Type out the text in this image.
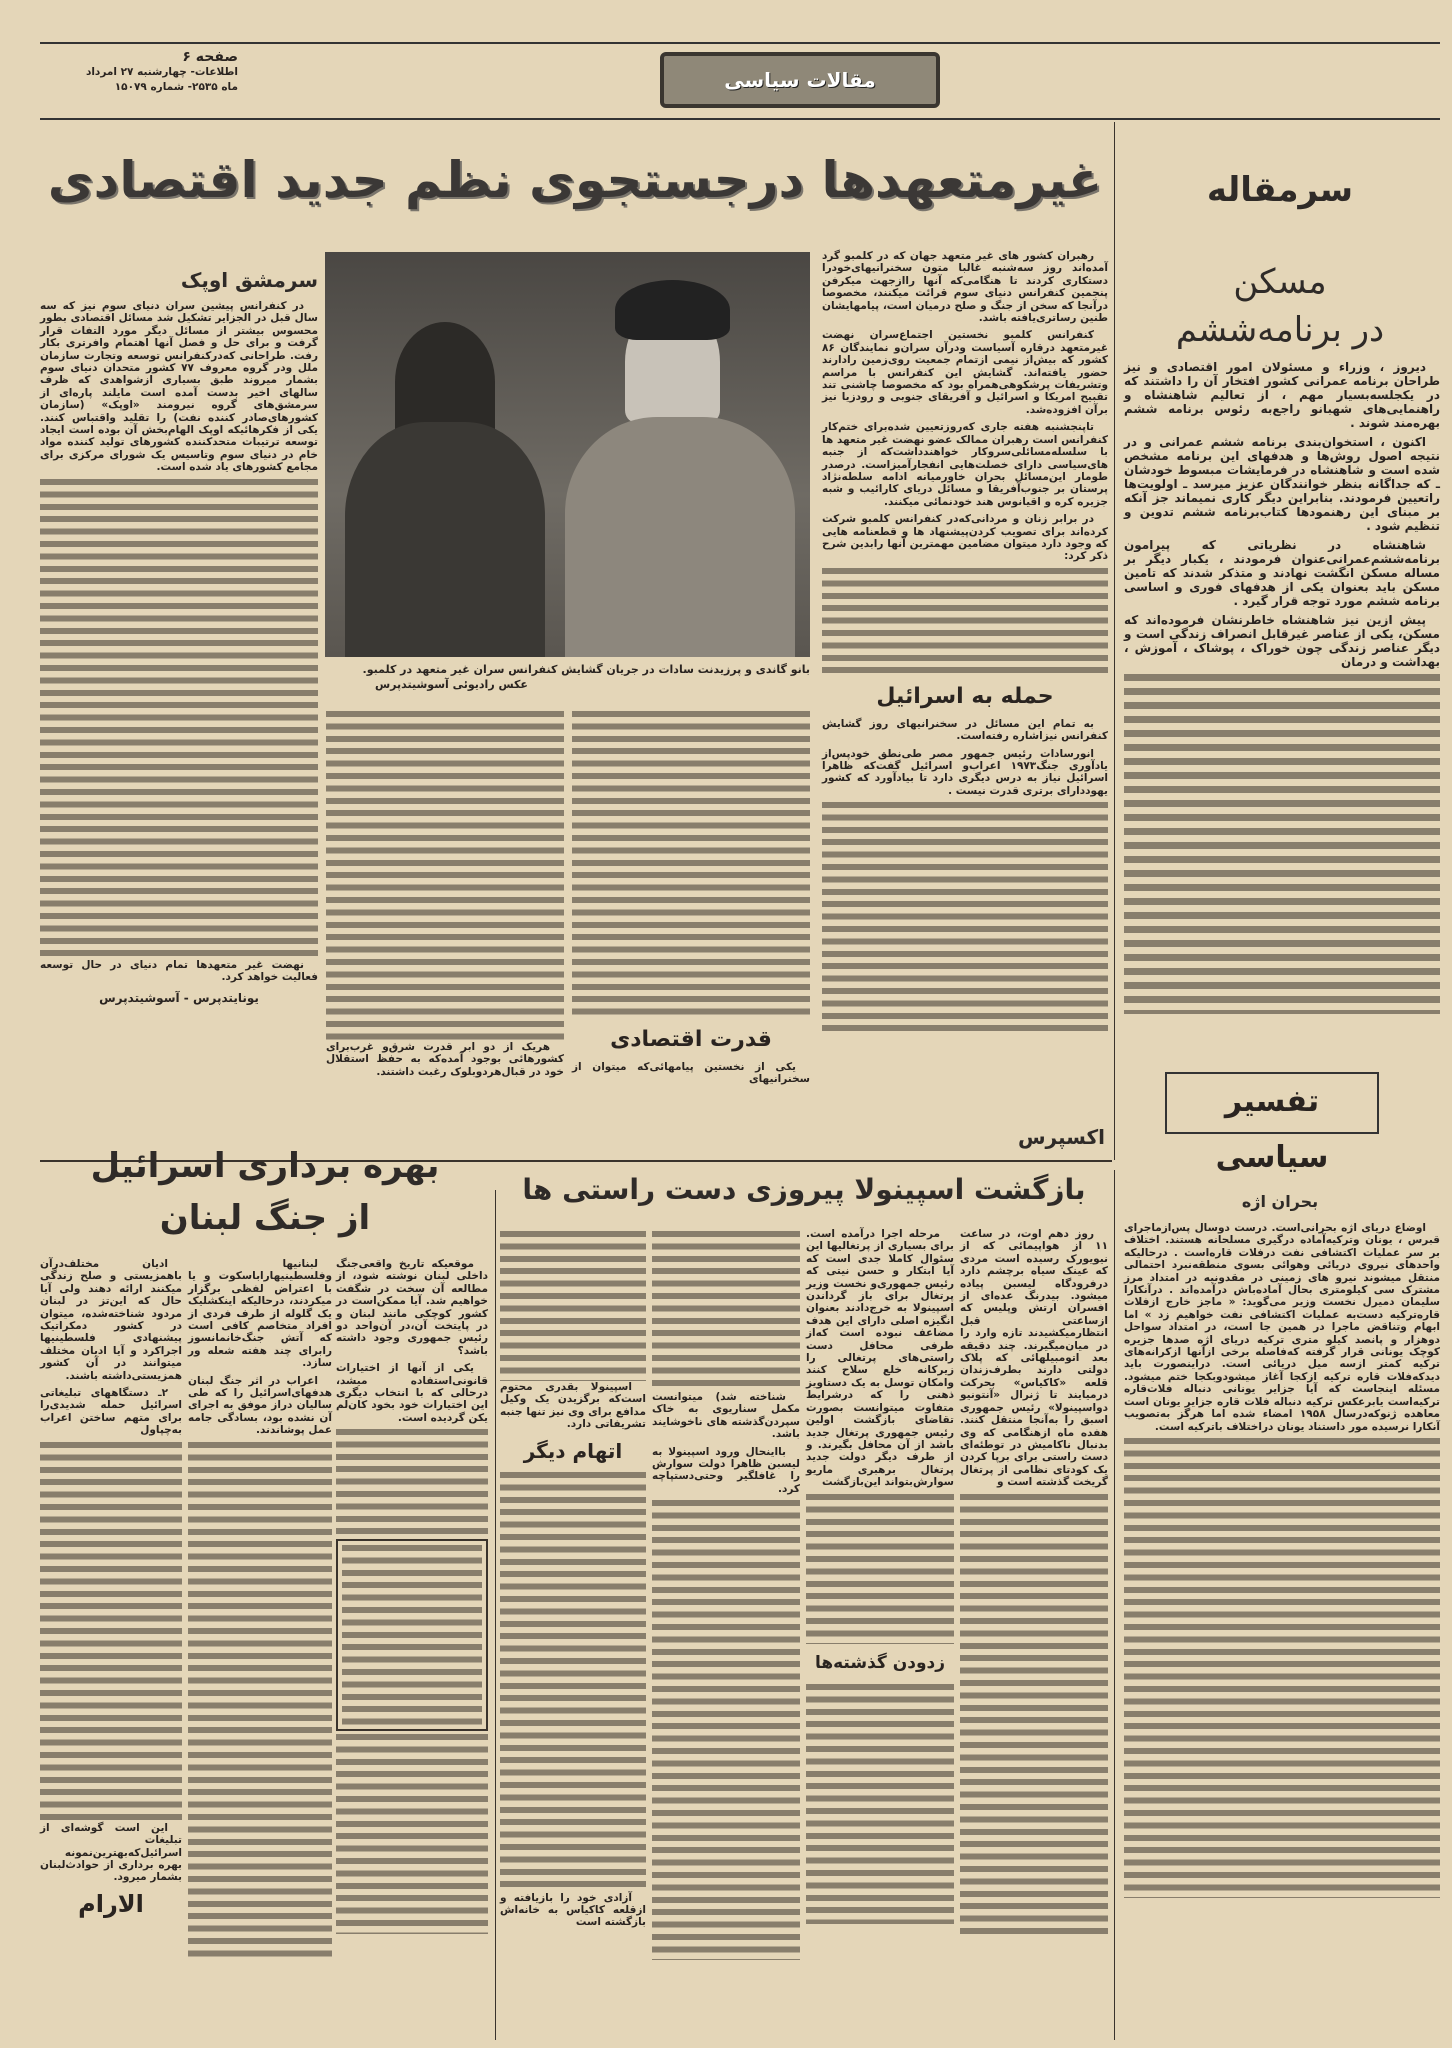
صفحه ۶
اطلاعات- چهارشنبه ۲۷ امرداد
ماه ۲۵۳۵- شماره ۱۵۰۷۹	مقالات سیاسی
غیرمتعهدها درجستجوی نظم جدید اقتصادی	سرمقاله
مسکن
در برنامه‌ششم

دیروز ، وزراء و مسئولان امور اقتصادی و نیز طراحان برنامه عمرانی کشور افتخار آن را داشتند که در یکجلسه‌بسیار مهم ، از تعالیم شاهنشاه و راهنمایی‌های شهبانو راجع‌به رئوس برنامه ششم بهره‌مند شوند .

اکنون ، استخوان‌بندی برنامه ششم عمرانی و در نتیجه اصول روش‌ها و هدفهای این برنامه مشخص شده است و شاهنشاه در فرمایشات مبسوط خودشان ـ که جداگانه بنظر خوانندگان عزیز میرسد ـ اولویت‌ها راتعیین فرمودند. بنابراین دیگر کاری نمیماند جز آنکه بر مبنای این رهنمودها کتاب‌برنامه ششم تدوین و تنظیم شود .

شاهنشاه در نظریاتی که پیرامون برنامه‌ششم‌عمرانی‌عنوان فرمودند ، یکبار دیگر بر مساله مسکن انگشت نهادند و متذکر شدند که تامین مسکن باید بعنوان یکی از هدفهای فوری و اساسی برنامه ششم مورد توجه قرار گیرد .

پیش ازین نیز شاهنشاه خاطرنشان فرموده‌اند که مسکن، یکی از عناصر غیرقابل انصراف زندگی است و دیگر عناصر زندگی چون خوراک ، پوشاک ، آموزش ، بهداشت و درمان

تفسیر سیاسی
بحران اژه

اوضاع دریای اژه بحرانی‌است. درست دوسال پس‌ازماجرای قبرس ، یونان وترکیه‌آماده درگیری مسلحانه هستند. اختلاف بر سر عملیات اکتشافی نفت درفلات قاره‌است . درحالیکه واحدهای نیروی دریائی وهوائی بسوی منطقه‌نبرد احتمالی منتقل میشوند نیرو های زمینی در مقدونیه در امتداد مرز مشترک سی کیلومتری بحال آماده‌باش درآمده‌اند . درآنکارا سلیمان دمیرل نخست وزیر می‌گوید: « ماجز خارج ازفلات قاره‌ترکیه دست‌به عملیات اکتشافی نفت خواهیم زد » اما ابهام وتناقض ماجرا در همین جا است، در امتداد سواحل دوهزار و پانصد کیلو متری ترکیه دریای اژه صدها جزیره کوچک یونانی قرار گرفته که‌فاصله برخی ازآنها ازکرانه‌های ترکیه کمتر ازسه میل دریائی است. دراینصورت باید دیدکه‌فلات قاره ترکیه ازکجا آغاز میشودوبکجا ختم میشود. مسئله اینجاست که آیا جزایر یونانی دنباله فلات‌قاره ترکیه‌است یابرعکس ترکیه دنباله فلات قاره جزایر یونان است معاهده ژنوکه‌درسال ۱۹۵۸ امضاء شده اما هرگز به‌تصویب آنکارا نرسیده مور داستناد یونان دراختلاف باترکیه است.

رهبران کشور های غیر متعهد جهان که در کلمبو گرد آمده‌اند روز سه‌شنبه غالبا متون سخنرانیهای‌خودرا دستکاری کردند تا هنگامی‌که آنها راازجهت میکرفن پنجمین کنفرانس دنیای سوم قرائت میکنند، مخصوصا درآنجا که سخن از جنگ و صلح درمیان است، پیامهایشان طنین رساتری‌یافته باشد.

کنفرانس کلمبو نخستین اجتماع‌سران نهضت غیرمتعهد درقاره آسیاست ودرآن سران‌و نمایندگان ۸۶ کشور که بیش‌از نیمی ازتمام جمعیت روی‌زمین رادارند حضور یافته‌اند. گشایش این کنفرانس با مراسم وتشریفات پرشکوهی‌همراه بود که مخصوصا چاشنی تند تقبیح امریکا و اسرائیل و آفریقای جنوبی و رودزیا نیز برآن افزوده‌شد.

تاپنجشنبه هفته جاری که‌روزتعیین شده‌برای ختم‌کار کنفرانس است رهبران ممالک عضو نهضت غیر متعهد ها با سلسله‌مسائلی‌سروکار خواهندداشت‌که از جنبه های‌سیاسی دارای خصلت‌هایی انفجارآمیزاست. درصدر طومار این‌مسائل بحران خاورمیانه ادامه سلطه‌نژاد پرستان بر جنوب‌آفریقا و مسائل دریای کارائیب و شبه جزیره کره و اقیانوس هند خودنمائی میکنند.

در برابر زنان و مردانی‌که‌در کنفرانس کلمبو شرکت کرده‌اند برای تصویب کردن‌پیشنهاد ها و قطعنامه هایی که وجود دارد میتوان مضامین مهمترین آنها رابدین شرح ذکر کرد:

حمله به اسرائیل

به تمام این مسائل در سخنرانیهای روز گشایش کنفرانس نیزاشاره رفته‌است.

انورسادات رئیس جمهور مصر طی‌نطق خودپس‌از یادآوری جنگ۱۹۷۳ اعراب‌و اسرائیل گفت‌که ظاهرا اسرائیل نیاز به درس دیگری دارد تا بیادآورد که کشور یهودداراى برتری قدرت نیست .

بانو گاندی و پرزیدنت سادات در جریان گشایش کنفرانس سران غیر متعهد در کلمبو.
عکس رادیوئی آسوشیتدپرس
قدرت اقتصادی

یکی از نخستین پیامهائی‌که میتوان از سخنرانیهای

هریک از دو ابر قدرت شرق‌و غرب‌برای کشورهائی بوجود آمده‌که به حفظ استقلال خود در قبال‌هردوبلوک رغبت داشتند.

سرمشق اوپک

در کنفرانس پیشین سران دنیای سوم نیز که سه سال قبل در الجزایر تشکیل شد مسائل اقتصادی بطور محسوس بیشتر از مسائل دیگر مورد التفات قرار گرفت و برای حل و فصل آنها اهتمام وافرتری بکار رفت. طراحانی که‌درکنفرانس توسعه وتجارت سازمان ملل ودر گروه معروف ۷۷ کشور متحدان دنیای سوم بشمار میروند طبق بسیاری ازشواهدی که ظرف سالهای اخیر بدست آمده است مایلند پاره‌ای از سرمشق‌های گروه نیرومند «اوپک» (سازمان کشورهای‌صادر کننده نفت) را تقلید واقتباس کنند. یکی از فکرهائیکه اوپک الهام‌بخش آن بوده است ایجاد توسعه ترتیبات متحدکننده کشورهای تولید کننده مواد خام در دنیای سوم وتاسیس یک شورای مرکزی برای مجامع کشورهای یاد شده است.

نهضت غیر متعهدها تمام دنیای در حال توسعه فعالیت خواهد کرد.

یونایتدپرس - آسوشیتدپرس
اکسپرس
بازگشت اسپینولا پیروزی دست راستی ها

روز دهم اوت، در ساعت ۱۱ از هواپیمائی که از نیویورک رسیده است مردی که عینک سیاه برچشم دارد درفرودگاه لیسبن پیاده میشود. بیدرنگ عده‌ای از افسران ارتش وپلیس که ازساعتی قبل انتظارمیکشیدند تازه وارد را در میان‌میگیرند. چند دقیقه بعد اتومبیلهائی که پلاک دولتی دارند بطرف‌زندان قلعه «کاکیاس» بحرکت درمیایند تا ژنرال «آنتونیو دواسپینولا» رئیس جمهوری اسبق را به‌آنجا منتقل کنند. هفده ماه ازهنگامی که وی بدنبال ناکامیش در توطئه‌ای دست راستی برای برپا کردن یک کودتای نظامی از پرتغال گریخت گذشته است و

مرحله اجرا درآمده است. برای بسیاری از پرتغالیها این سئوال کاملا جدی است که آیا ابتکار و حسن نیتی که رئیس جمهوری‌و نخست وزیر پرتغال برای باز گرداندن اسپینولا به خرج‌دادند بعنوان انگیزه اصلی دارای این هدف مضاعف نبوده است که‌از طرفی محافل دست راستی‌های پرتغالی را زیرکانه خلع سلاح کنند وامکان توسل به یک دستاویز ذهنی را که درشرایط متفاوت میتوانست بصورت تقاضای بازگشت اولین رئیس جمهوری پرتغال جدید باشد از آن محافل بگیرند. و از طرف دیگر دولت جدید پرتغال برهبری ماریو سوارش‌بتواند این‌بازگشت

زدودن گذشته‌ها

شناخته شد) میتوانست مکمل سناریوی به خاک سپردن‌گذشته های ناخوشایند باشد.

بااینحال ورود اسپینولا به لیسبن ظاهرا دولت سوارش را غافلگیر وحتی‌دستپاچه کرد.

اسپینولا بقدری محتوم است‌که برگزیدن یک وکیل مدافع برای وی نیز تنها جنبه تشریفاتی دارد.

اتهام دیگر

آزادی خود را بازیافته و ازقلعه کاکیاس به خانه‌اش بازگشته است

بهره برداری اسرائیل
از جنگ لبنان

موقعیکه تاریخ واقعی‌جنگ داخلی لبنان نوشته شود، از مطالعه آن سخت در شگفت خواهیم شد. آیا ممکن‌است در کشور کوچکی مانند لبنان و در پایتخت آن،در آن‌واحد دو رئیس جمهوری وجود داشته باشد؟

یکی از آنها از اختیارات قانونی‌استفاده میشد، درحالی که با انتخاب دیگری این اختیارات خود بخود کان‌لم یکن گردیده است.

لبنانیها وفلسطینیهاراباسکوت و یا با اعتراض لفظی برگزار میکردند، درحالیکه اینکشلیک یک گلوله از طرف فردی از افراد متخاصم کافی است که آتش جنگ‌خانمانسوز رابرای چند هفته شعله ور سازد.

اعراب در اثر جنگ لبنان هدفهای‌اسرائیل را که طی سالیان دراز موفق به اجرای آن نشده بود، بسادگی جامه عمل پوشاندند.

ادیان مختلف‌درآن باهمزیستی و صلح زندگی میکنند ارائه دهند ولی آیا حال که این‌تز در لبنان مردود شناخته‌شده، میتوان در کشور دمکراتیک پیشنهادی فلسطینیها اجراکرد و آیا ادیان مختلف میتوانند در آن کشور همزیستی‌داشته باشند.

۲ـ دستگاههای تبلیغاتی اسرائیل حمله شدیدی‌را برای متهم ساختن اعراب به‌چپاول

این است گوشه‌ای از تبلیغات اسرائیل‌که‌بهترین‌نمونه بهره برداری از حوادث‌لبنان بشمار میرود.

الارام
